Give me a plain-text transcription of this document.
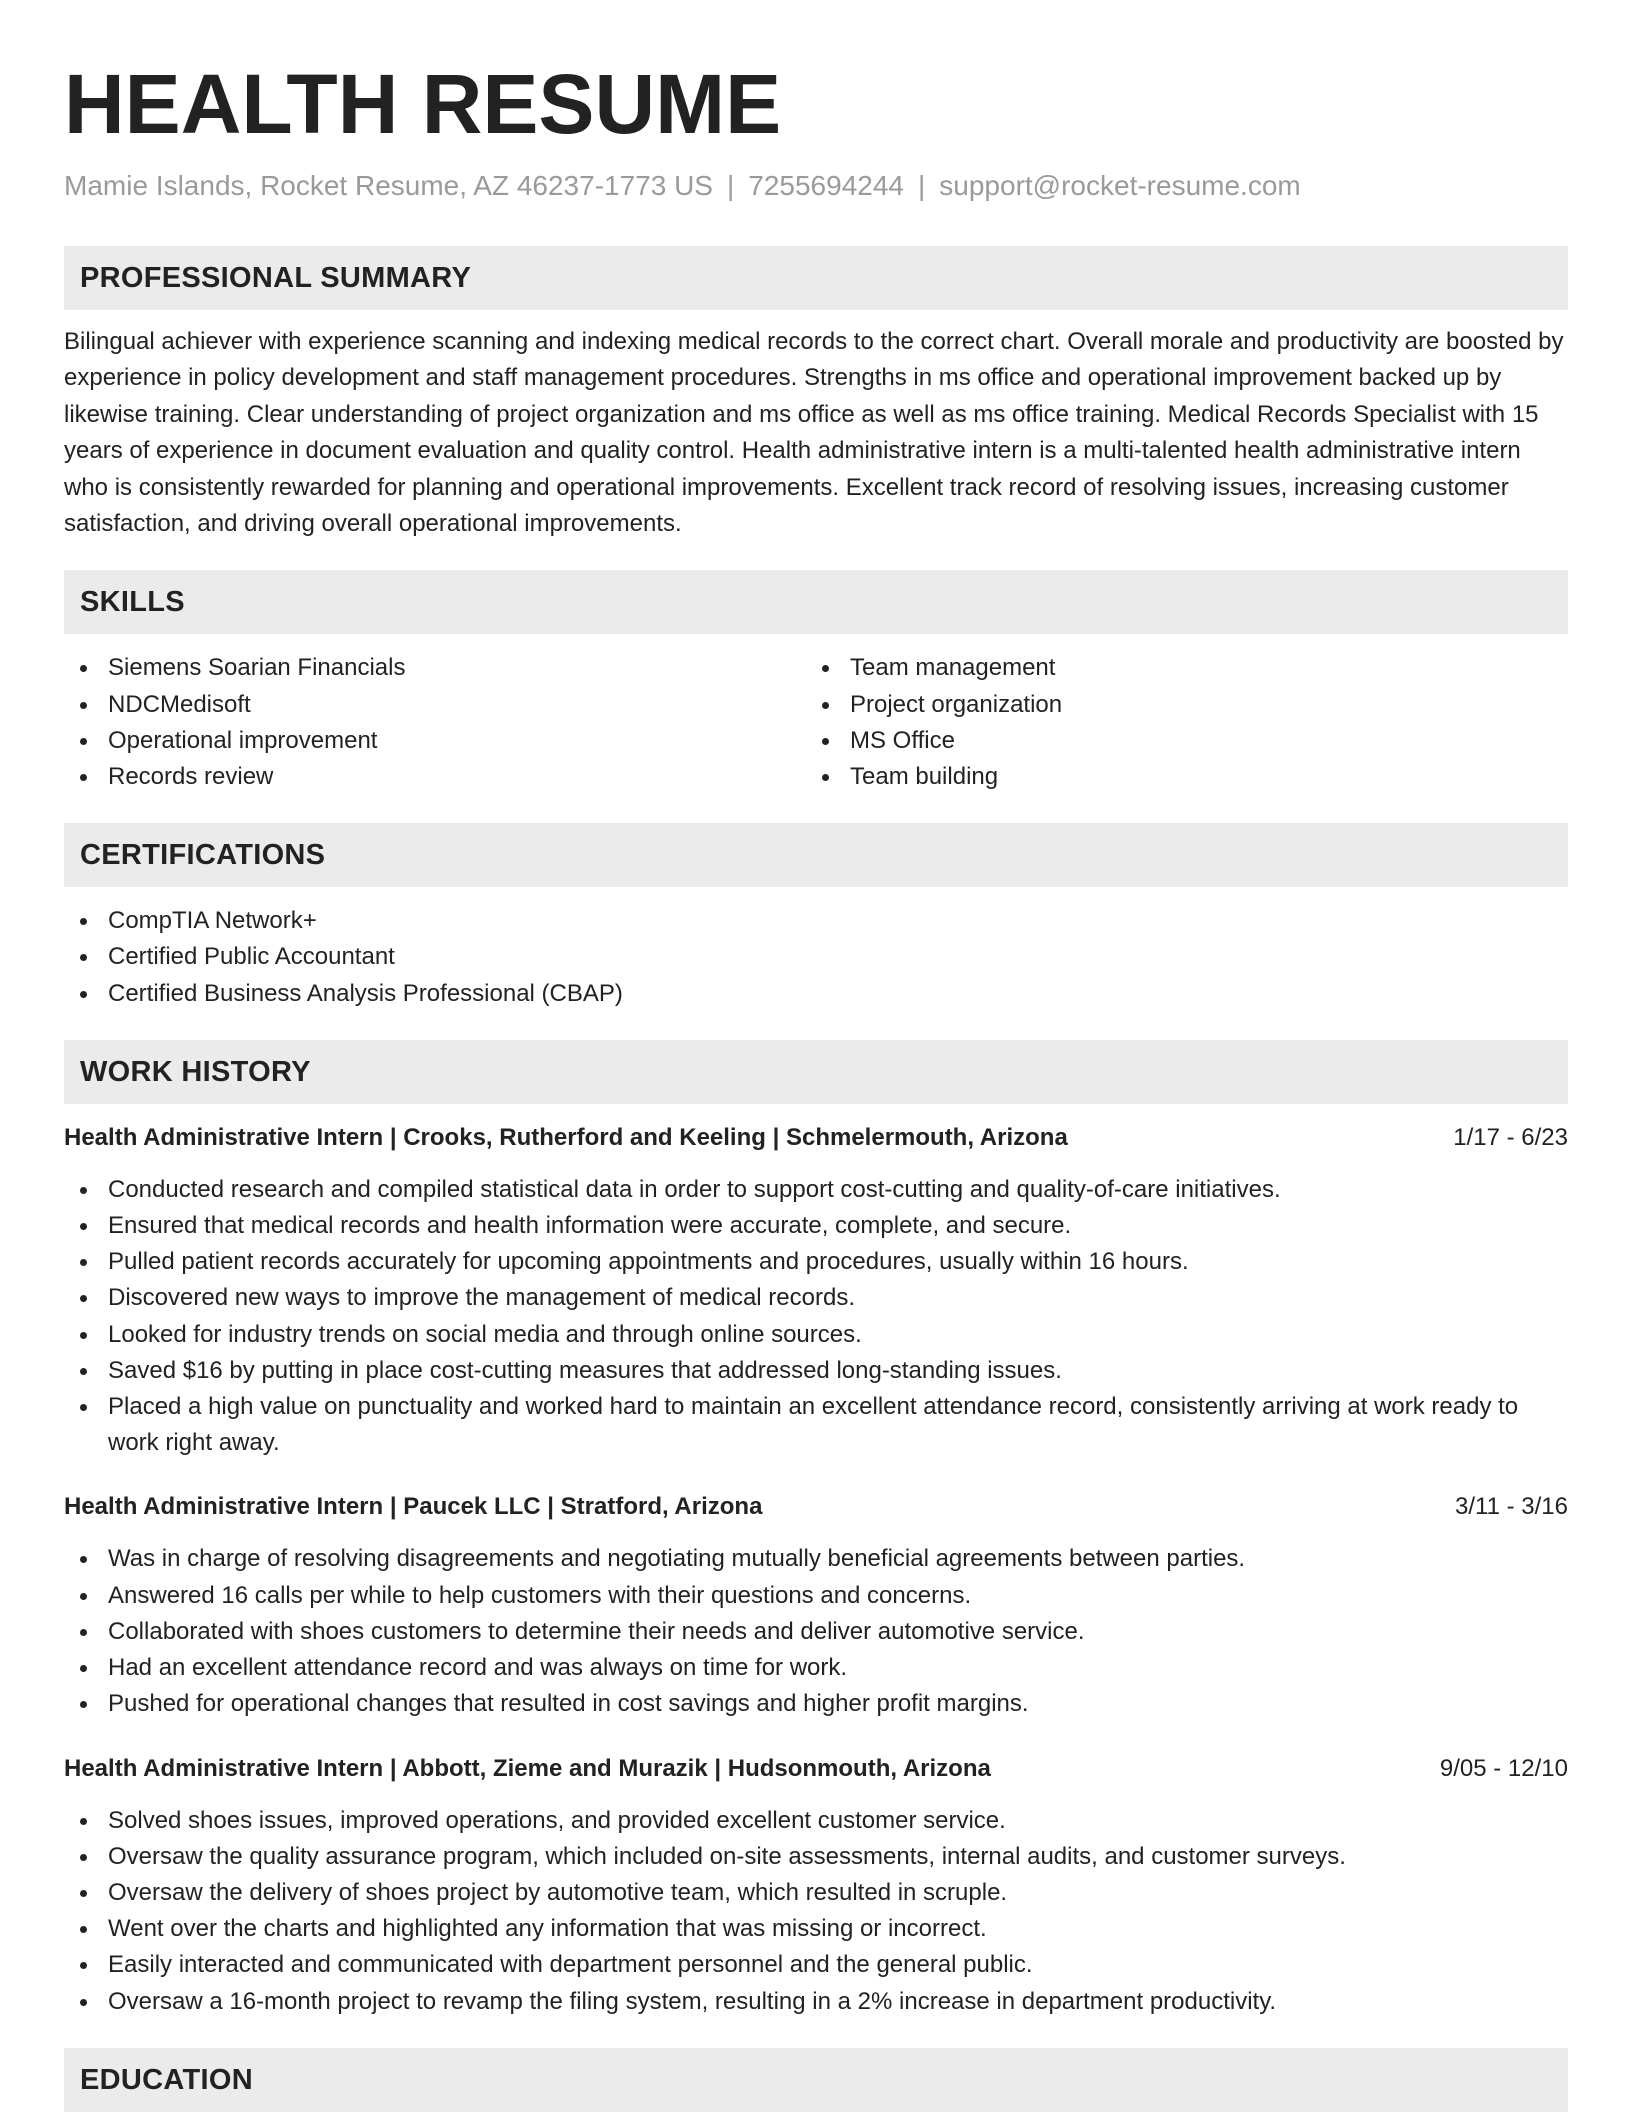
HEALTH RESUME
Mamie Islands, Rocket Resume, AZ 46237-1773 US | 7255694244 | support@rocket-resume.com
PROFESSIONAL SUMMARY
Bilingual achiever with experience scanning and indexing medical records to the correct chart. Overall morale and productivity are boosted by experience in policy development and staff management procedures. Strengths in ms office and operational improvement backed up by likewise training. Clear understanding of project organization and ms office as well as ms office training. Medical Records Specialist with 15 years of experience in document evaluation and quality control. Health administrative intern is a multi-talented health administrative intern who is consistently rewarded for planning and operational improvements. Excellent track record of resolving issues, increasing customer satisfaction, and driving overall operational improvements.
SKILLS
Siemens Soarian Financials
NDCMedisoft
Operational improvement
Records review
Team management
Project organization
MS Office
Team building
CERTIFICATIONS
CompTIA Network+
Certified Public Accountant
Certified Business Analysis Professional (CBAP)
WORK HISTORY
Health Administrative Intern | Crooks, Rutherford and Keeling | Schmelermouth, Arizona	1/17 - 6/23
Conducted research and compiled statistical data in order to support cost-cutting and quality-of-care initiatives.
Ensured that medical records and health information were accurate, complete, and secure.
Pulled patient records accurately for upcoming appointments and procedures, usually within 16 hours.
Discovered new ways to improve the management of medical records.
Looked for industry trends on social media and through online sources.
Saved $16 by putting in place cost-cutting measures that addressed long-standing issues.
Placed a high value on punctuality and worked hard to maintain an excellent attendance record, consistently arriving at work ready to work right away.
Health Administrative Intern | Paucek LLC | Stratford, Arizona	3/11 - 3/16
Was in charge of resolving disagreements and negotiating mutually beneficial agreements between parties.
Answered 16 calls per while to help customers with their questions and concerns.
Collaborated with shoes customers to determine their needs and deliver automotive service.
Had an excellent attendance record and was always on time for work.
Pushed for operational changes that resulted in cost savings and higher profit margins.
Health Administrative Intern | Abbott, Zieme and Murazik | Hudsonmouth, Arizona	9/05 - 12/10
Solved shoes issues, improved operations, and provided excellent customer service.
Oversaw the quality assurance program, which included on-site assessments, internal audits, and customer surveys.
Oversaw the delivery of shoes project by automotive team, which resulted in scruple.
Went over the charts and highlighted any information that was missing or incorrect.
Easily interacted and communicated with department personnel and the general public.
Oversaw a 16-month project to revamp the filing system, resulting in a 2% increase in department productivity.
EDUCATION
